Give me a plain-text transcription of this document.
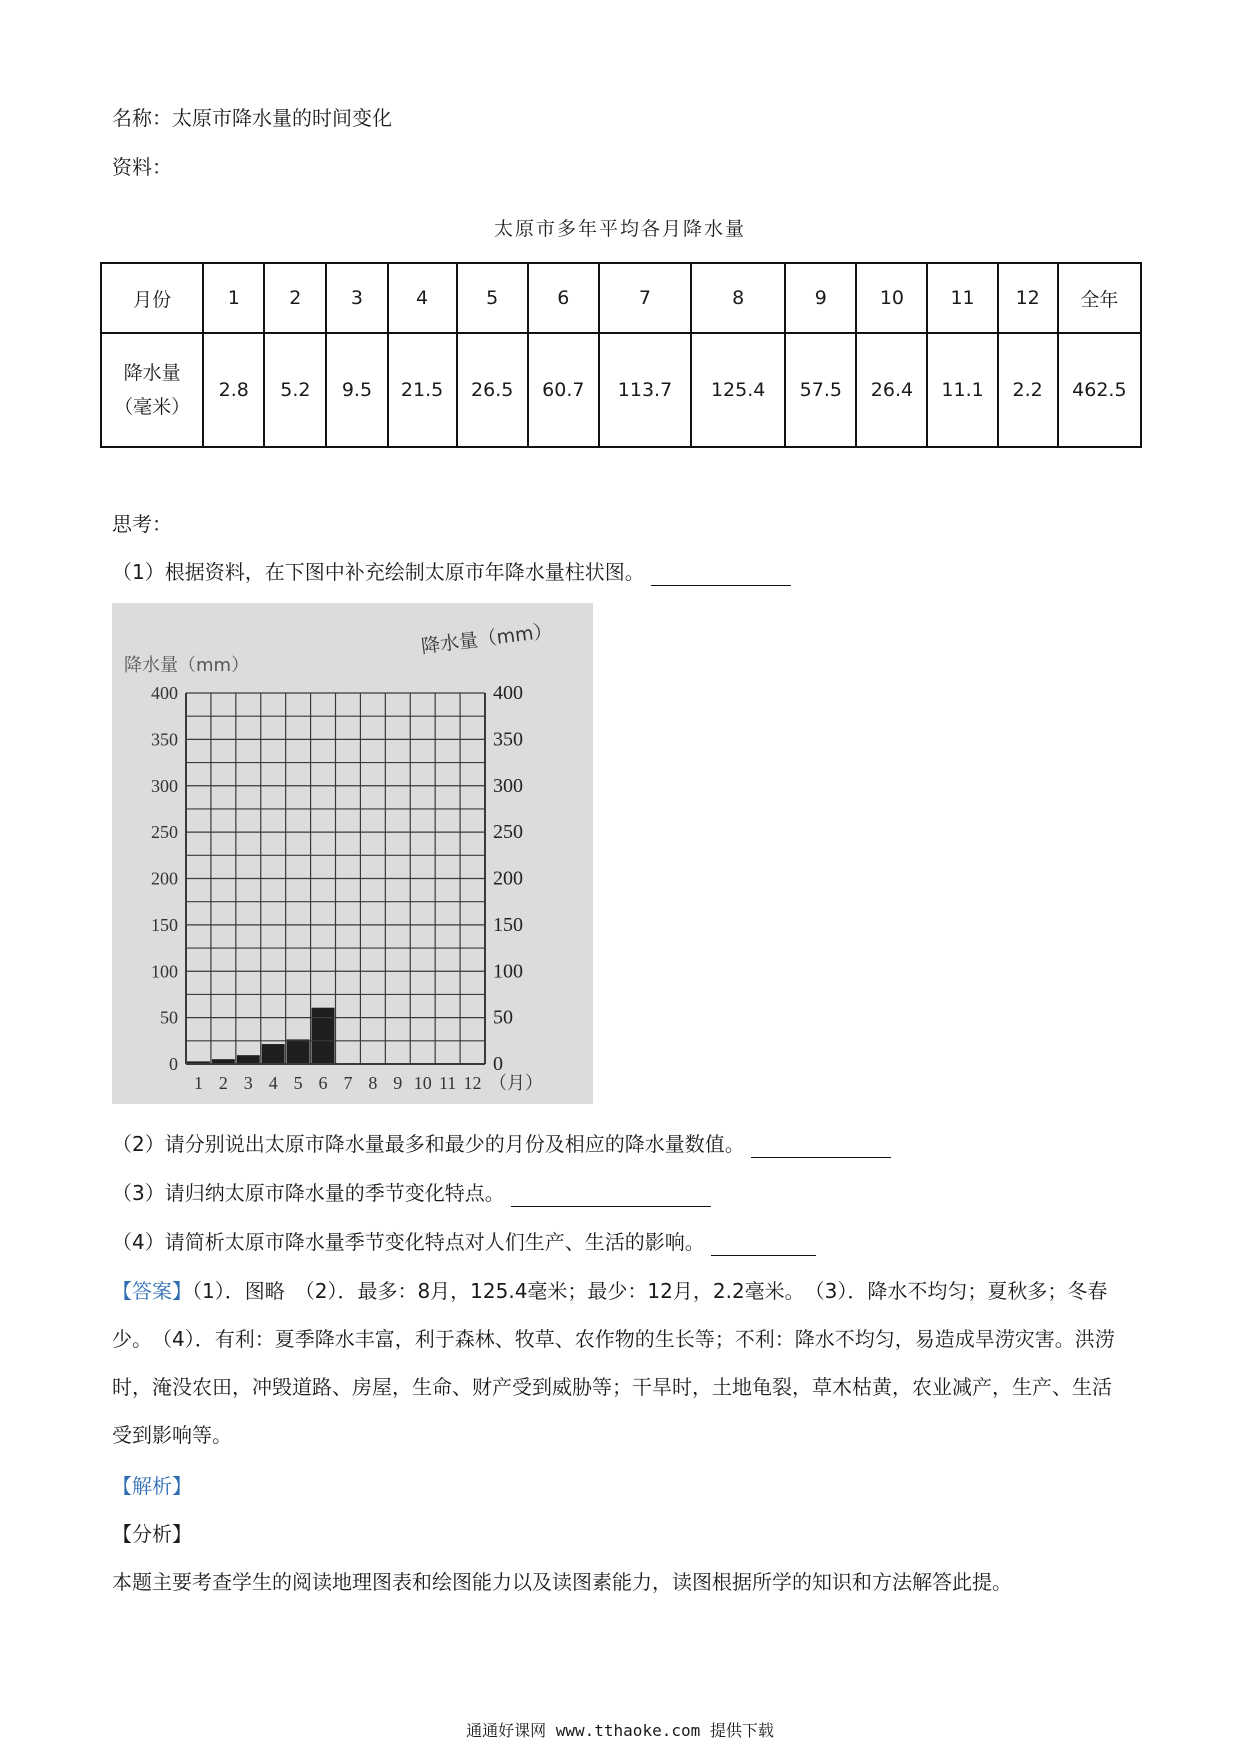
名称：太原市降水量的时间变化
资料：
太原市多年平均各月降水量
月份	1	2	3	4	5	6	7	8	9	10	11	12	全年

降水量
（毫米）	2.8	5.2	9.5	21.5	26.5	60.7	113.7	125.4	57.5	26.4	11.1	2.2	462.5
思考：
（1）根据资料，在下图中补充绘制太原市年降水量柱状图。
0	0
50	50
100	100
150	150
200	200
250	250
300	300
350	350
400	400
1 2 3 4 5 6 7 8 9 10 11 12 （月）
降水量（mm）
降水量（mm）
（2）请分别说出太原市降水量最多和最少的月份及相应的降水量数值。
（3）请归纳太原市降水量的季节变化特点。
（4）请简析太原市降水量季节变化特点对人们生产、生活的影响。
【答案】（1）．图略　（2）．最多：8月，125.4毫米；最少：12月，2.2毫米。　（3）．降水不均匀；夏秋多；冬春少。　（4）．有利：夏季降水丰富，利于森林、牧草、农作物的生长等；不利：降水不均匀，易造成旱涝灾害。洪涝时，淹没农田，冲毁道路、房屋，生命、财产受到威胁等；干旱时，土地龟裂，草木枯黄，农业减产，生产、生活受到影响等。
【解析】
【分析】
本题主要考查学生的阅读地理图表和绘图能力以及读图素能力，读图根据所学的知识和方法解答此提。
通通好课网 www.tthaoke.com 提供下载
